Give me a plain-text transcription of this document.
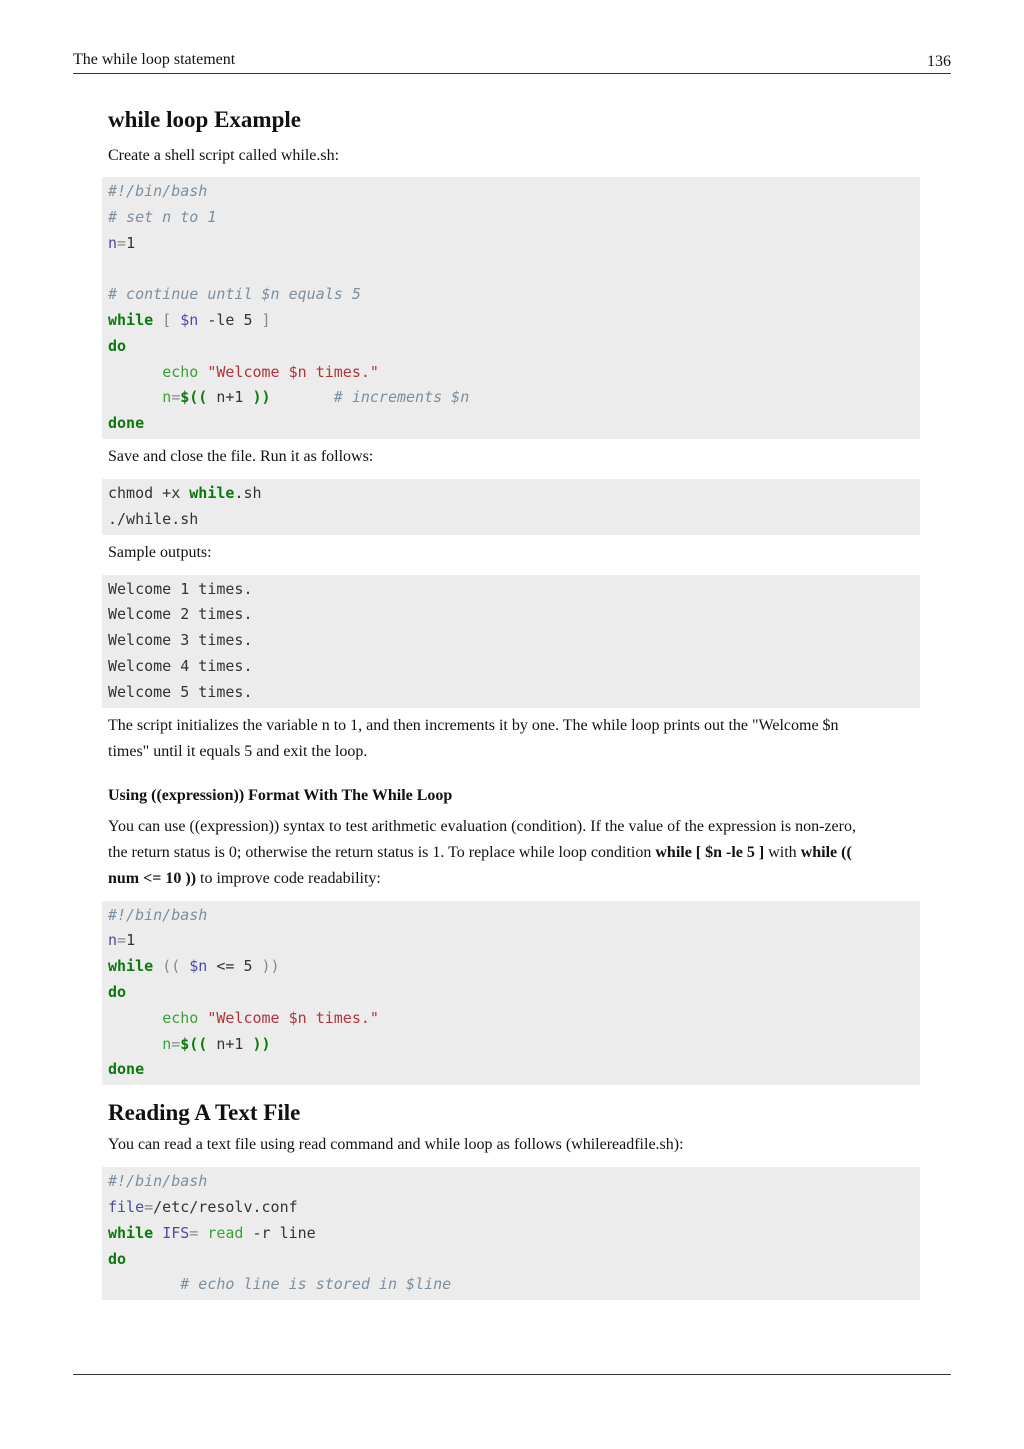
The while loop statement	136
while loop Example

Create a shell script called while.sh:

#!/bin/bash
# set n to 1
n=1

# continue until $n equals 5
while [ $n -le 5 ]
do
echo "Welcome $n times."
n=$(( n+1 ))	# increments $n
done

Save and close the file. Run it as follows:

chmod +x while.sh
./while.sh

Sample outputs:

Welcome 1 times.
Welcome 2 times.
Welcome 3 times.
Welcome 4 times.
Welcome 5 times.

The script initializes the variable n to 1, and then increments it by one. The while loop prints out the "Welcome $n
times" until it equals 5 and exit the loop.

Using ((expression)) Format With The While Loop

You can use ((expression)) syntax to test arithmetic evaluation (condition). If the value of the expression is non-zero,
the return status is 0; otherwise the return status is 1. To replace while loop condition while [ $n -le 5 ] with while ((
num <= 10 )) to improve code readability:

#!/bin/bash
n=1
while (( $n <= 5 ))
do
echo "Welcome $n times."
n=$(( n+1 ))
done
Reading A Text File

You can read a text file using read command and while loop as follows (whilereadfile.sh):

#!/bin/bash
file=/etc/resolv.conf
while IFS= read -r line
do
# echo line is stored in $line
